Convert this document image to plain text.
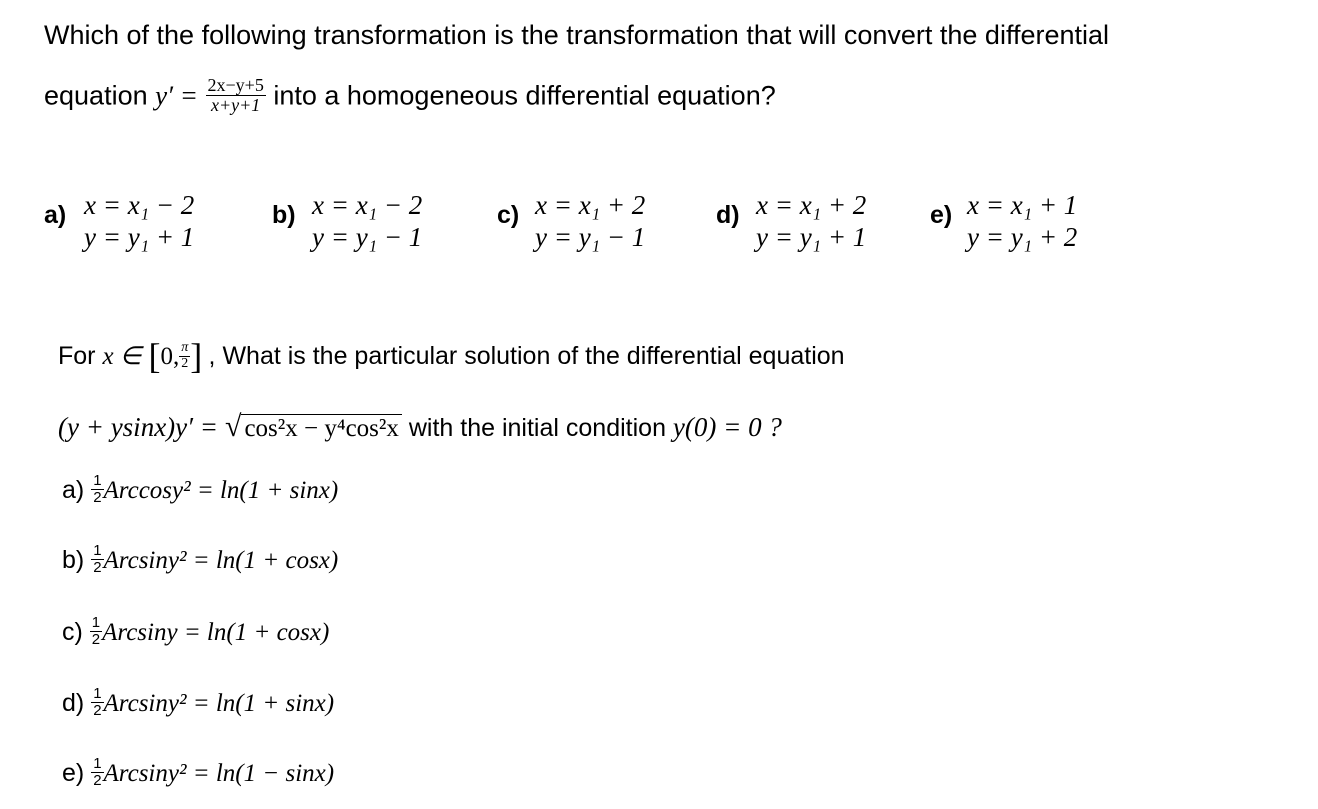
Which of the following transformation is the transformation that will convert the differential
equation $y' = \frac{2x-y+5}{x+y+1}$ into a homogeneous differential equation?
a) x = x₁ − 2
y = y₁ + 1
b) x = x₁ − 2
y = y₁ − 1
c) x = x₁ + 2
y = y₁ − 1
d) x = x₁ + 2
y = y₁ + 1
e) x = x₁ + 1
y = y₁ + 2
For x ∈ [0, $\frac{\pi}{2}$ ] , What is the particular solution of the differential equation
(y + ysinx)y′ = √ cos²x − y⁴cos²x with the initial condition y(0) = 0 ?
$a) \frac{1}{2} Arccosy^2 = \ln(1 + \sin x)$
$b) \frac{1}{2} Arcsiny^2 = \ln(1 + \cos x)$
$c) \frac{1}{2}$ Arcsiny = ln(1 + cosx)
$d) \frac{1}{2} Arcsiny^2 = \ln(1 + \sin x)$
$e) \frac{1}{2} Arcsiny^2 = \ln(1 - \sin x)$
